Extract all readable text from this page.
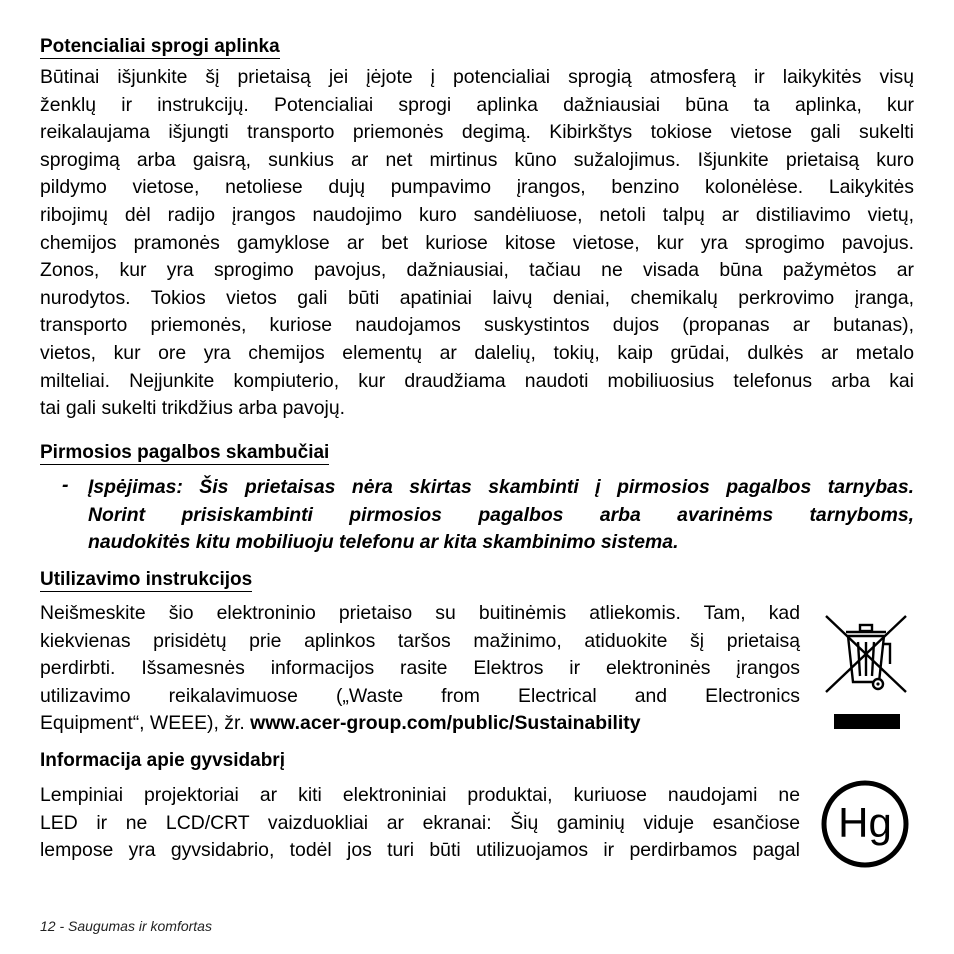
Potencialiai sprogi aplinka
Būtinai išjunkite šį prietaisą jei įėjote į potencialiai sprogią atmosferą ir laikykitės visų
ženklų ir instrukcijų. Potencialiai sprogi aplinka dažniausiai būna ta aplinka, kur
reikalaujama išjungti transporto priemonės degimą. Kibirkštys tokiose vietose gali sukelti
sprogimą arba gaisrą, sunkius ar net mirtinus kūno sužalojimus. Išjunkite prietaisą kuro
pildymo vietose, netoliese dujų pumpavimo įrangos, benzino kolonėlėse. Laikykitės
ribojimų dėl radijo įrangos naudojimo kuro sandėliuose, netoli talpų ar distiliavimo vietų,
chemijos pramonės gamyklose ar bet kuriose kitose vietose, kur yra sprogimo pavojus.
Zonos, kur yra sprogimo pavojus, dažniausiai, tačiau ne visada būna pažymėtos ar
nurodytos. Tokios vietos gali būti apatiniai laivų deniai, chemikalų perkrovimo įranga,
transporto priemonės, kuriose naudojamos suskystintos dujos (propanas ar butanas),
vietos, kur ore yra chemijos elementų ar dalelių, tokių, kaip grūdai, dulkės ar metalo
milteliai. Neįjunkite kompiuterio, kur draudžiama naudoti mobiliuosius telefonus arba kai
tai gali sukelti trikdžius arba pavojų.
Pirmosios pagalbos skambučiai
- Įspėjimas: Šis prietaisas nėra skirtas skambinti į pirmosios pagalbos tarnybas.
Norint prisiskambinti pirmosios pagalbos arba avarinėms tarnyboms,
naudokitės kitu mobiliuoju telefonu ar kita skambinimo sistema.
Utilizavimo instrukcijos
Neišmeskite šio elektroninio prietaiso su buitinėmis atliekomis. Tam, kad
kiekvienas prisidėtų prie aplinkos taršos mažinimo, atiduokite šį prietaisą
perdirbti. Išsamesnės informacijos rasite Elektros ir elektroninės įrangos
utilizavimo reikalavimuose („Waste from Electrical and Electronics
Equipment“, WEEE), žr. www.acer-group.com/public/Sustainability
Informacija apie gyvsidabrį
Lempiniai projektoriai ar kiti elektroniniai produktai, kuriuose naudojami ne
LED ir ne LCD/CRT vaizduokliai ar ekranai: Šių gaminių viduje esančiose
lempose yra gyvsidabrio, todėl jos turi būti utilizuojamos ir perdirbamos pagal
Hg
12 - Saugumas ir komfortas
